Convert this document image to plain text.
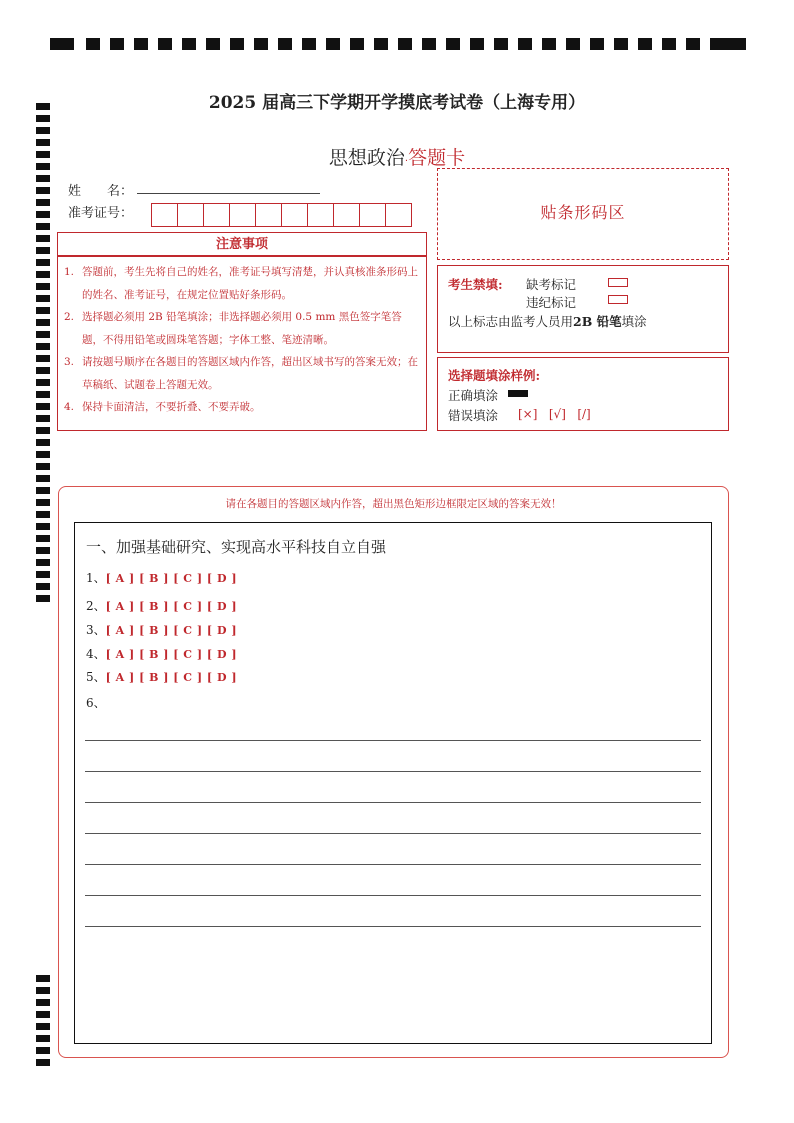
2025 届高三下学期开学摸底考试卷（上海专用）
思想政治·答题卡
姓　　名：
准考证号：
注意事项
1. 答题前，考生先将自己的姓名，准考证号填写清楚，并认真核准条形码上的姓名、准考证号，在规定位置贴好条形码。
2. 选择题必须用 2B 铅笔填涂；非选择题必须用 0.5 mm 黑色签字笔答题，不得用铅笔或圆珠笔答题；字体工整、笔迹清晰。
3. 请按题号顺序在各题目的答题区域内作答，超出区域书写的答案无效；在草稿纸、试题卷上答题无效。
4. 保持卡面清洁，不要折叠、不要弄破。
贴条形码区
考生禁填: 缺考标记
违纪标记
以上标志由监考人员用2B 铅笔填涂
选择题填涂样例:
正确填涂
错误填涂 [×]   [√]   [/]
请在各题目的答题区域内作答，超出黑色矩形边框限定区域的答案无效！
一、加强基础研究、实现高水平科技自立自强
1、[ A ] [ B ] [ C ] [ D ]
2、[ A ] [ B ] [ C ] [ D ]
3、[ A ] [ B ] [ C ] [ D ]
4、[ A ] [ B ] [ C ] [ D ]
5、[ A ] [ B ] [ C ] [ D ]
6、
